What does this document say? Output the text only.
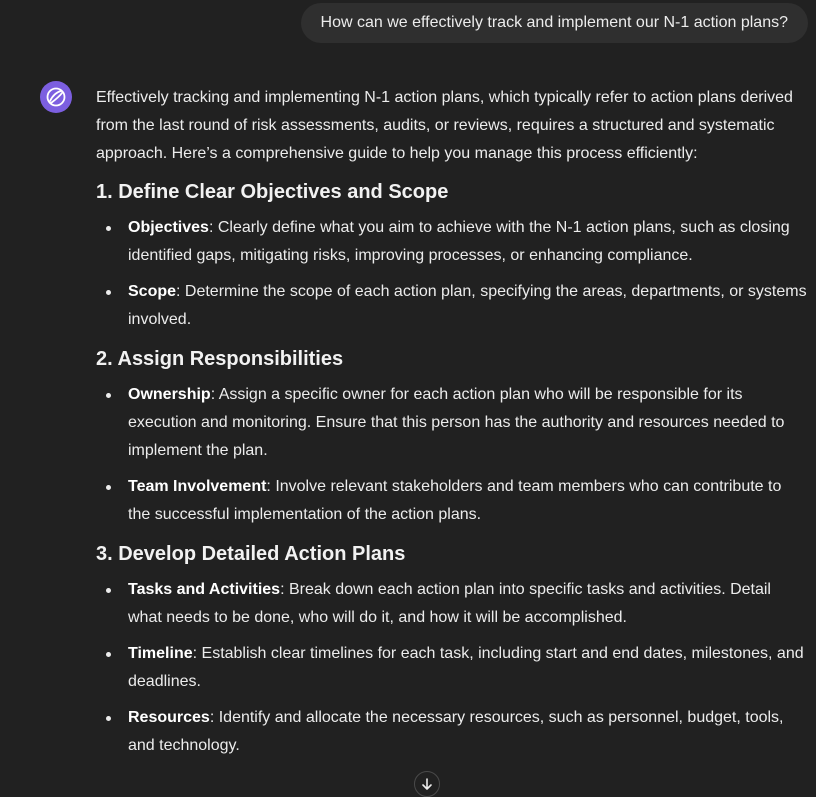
How can we effectively track and implement our N-1 action plans?

Effectively tracking and implementing N-1 action plans, which typically refer to action plans derived from the last round of risk assessments, audits, or reviews, requires a structured and systematic approach. Here’s a comprehensive guide to help you manage this process efficiently:

1. Define Clear Objectives and Scope
Objectives: Clearly define what you aim to achieve with the N-1 action plans, such as closing identified gaps, mitigating risks, improving processes, or enhancing compliance.
Scope: Determine the scope of each action plan, specifying the areas, departments, or systems involved.
2. Assign Responsibilities
Ownership: Assign a specific owner for each action plan who will be responsible for its execution and monitoring. Ensure that this person has the authority and resources needed to implement the plan.
Team Involvement: Involve relevant stakeholders and team members who can contribute to the successful implementation of the action plans.
3. Develop Detailed Action Plans
Tasks and Activities: Break down each action plan into specific tasks and activities. Detail what needs to be done, who will do it, and how it will be accomplished.
Timeline: Establish clear timelines for each task, including start and end dates, milestones, and deadlines.
Resources: Identify and allocate the necessary resources, such as personnel, budget, tools, and technology.
